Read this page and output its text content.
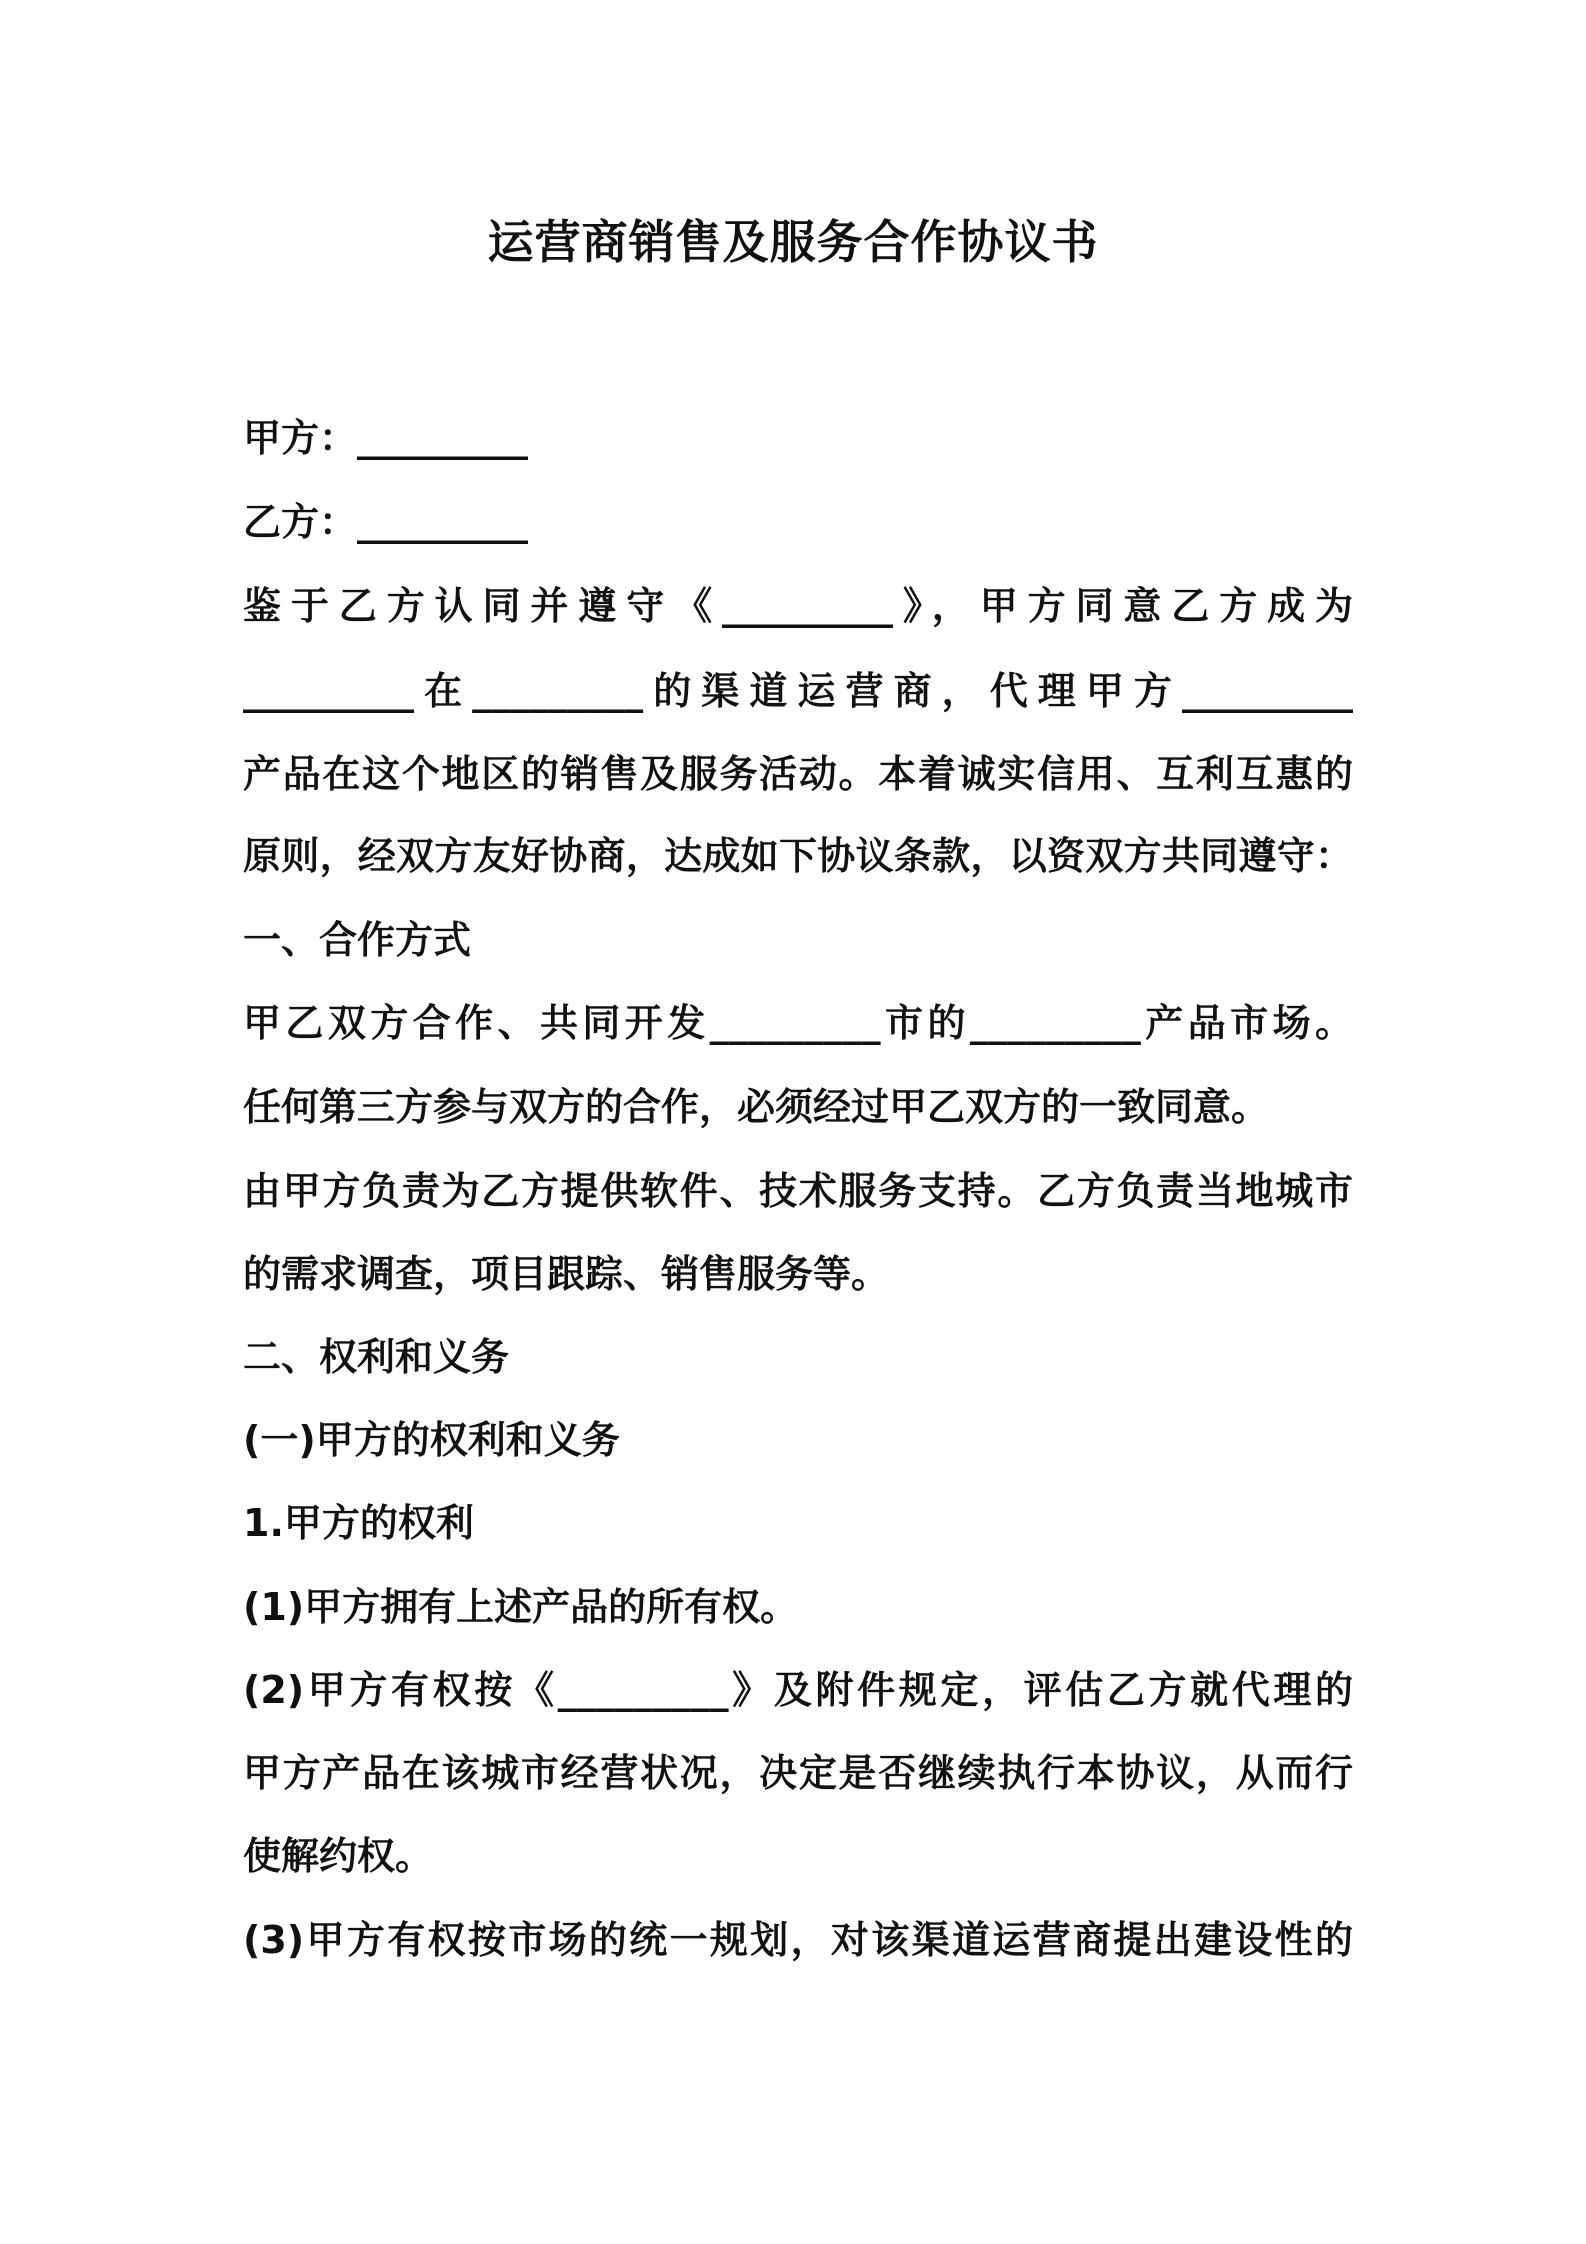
运营商销售及服务合作协议书
甲方：_________
乙方：_________
鉴于乙方认同并遵守《_________》，甲方同意乙方成为
_________在_________的渠道运营商，代理甲方_________
产品在这个地区的销售及服务活动。本着诚实信用、互利互惠的
原则，经双方友好协商，达成如下协议条款，以资双方共同遵守：
一、合作方式
甲乙双方合作、共同开发_________市的_________产品市场。
任何第三方参与双方的合作，必须经过甲乙双方的一致同意。
由甲方负责为乙方提供软件、技术服务支持。乙方负责当地城市
的需求调查，项目跟踪、销售服务等。
二、权利和义务
(一)甲方的权利和义务
1.甲方的权利
(1)甲方拥有上述产品的所有权。
(2)甲方有权按《_________》及附件规定，评估乙方就代理的
甲方产品在该城市经营状况，决定是否继续执行本协议，从而行
使解约权。
(3)甲方有权按市场的统一规划，对该渠道运营商提出建设性的
